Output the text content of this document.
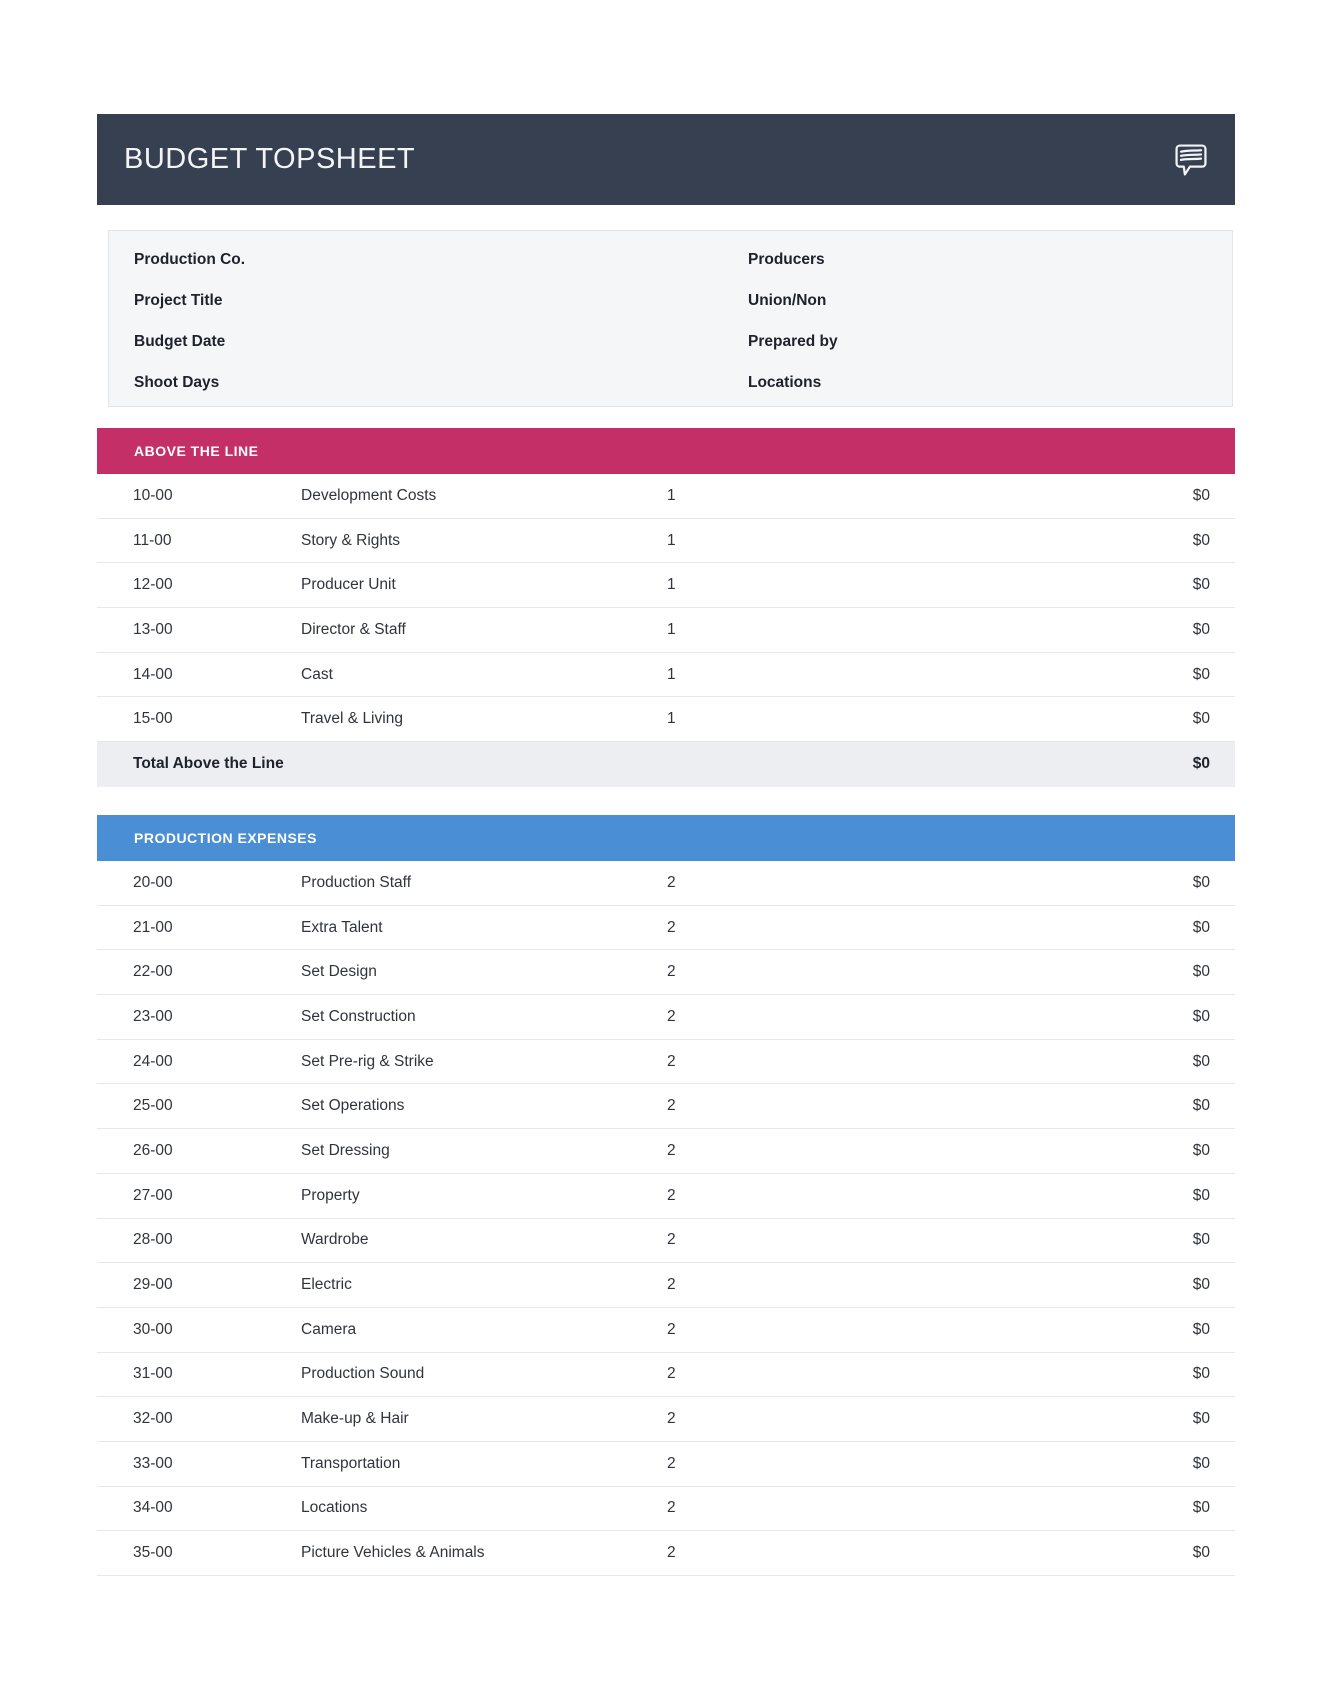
BUDGET TOPSHEET
Production Co.	Producers
Project Title	Union/Non
Budget Date	Prepared by
Shoot Days	Locations
ABOVE THE LINE
10-00	Development Costs	1	$0
11-00	Story & Rights	1	$0
12-00	Producer Unit	1	$0
13-00	Director & Staff	1	$0
14-00	Cast	1	$0
15-00	Travel & Living	1	$0
Total Above the Line	$0
PRODUCTION EXPENSES
20-00	Production Staff	2	$0
21-00	Extra Talent	2	$0
22-00	Set Design	2	$0
23-00	Set Construction	2	$0
24-00	Set Pre-rig & Strike	2	$0
25-00	Set Operations	2	$0
26-00	Set Dressing	2	$0
27-00	Property	2	$0
28-00	Wardrobe	2	$0
29-00	Electric	2	$0
30-00	Camera	2	$0
31-00	Production Sound	2	$0
32-00	Make-up & Hair	2	$0
33-00	Transportation	2	$0
34-00	Locations	2	$0
35-00	Picture Vehicles & Animals	2	$0
